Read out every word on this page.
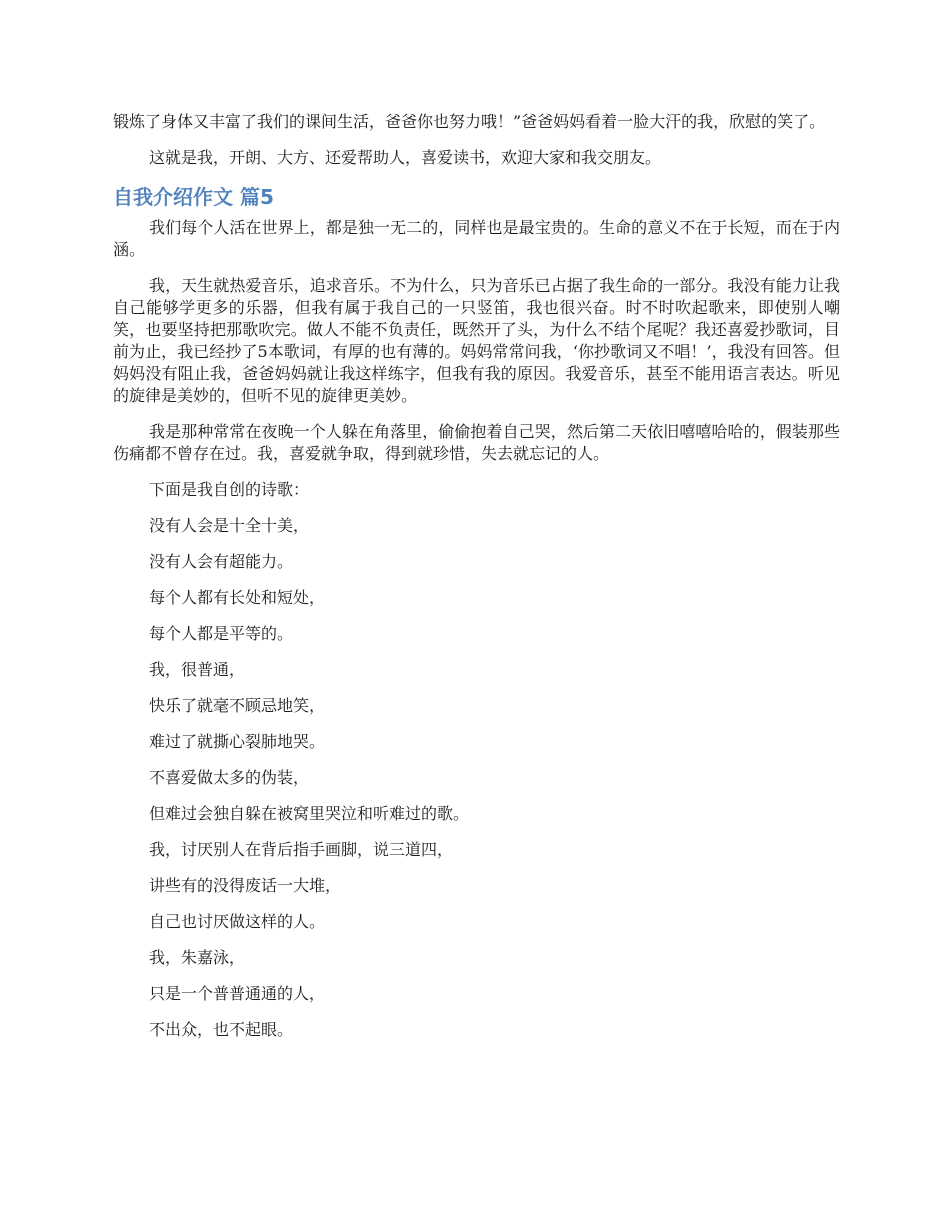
锻炼了身体又丰富了我们的课间生活，爸爸你也努力哦！”爸爸妈妈看着一脸大汗的我，欣慰的笑了。

这就是我，开朗、大方、还爱帮助人，喜爱读书，欢迎大家和我交朋友。

自我介绍作文 篇5

我们每个人活在世界上，都是独一无二的，同样也是最宝贵的。生命的意义不在于长短，而在于内涵。

我，天生就热爱音乐，追求音乐。不为什么，只为音乐已占据了我生命的一部分。我没有能力让我自己能够学更多的乐器，但我有属于我自己的一只竖笛，我也很兴奋。时不时吹起歌来，即使别人嘲笑，也要坚持把那歌吹完。做人不能不负责任，既然开了头，为什么不结个尾呢？我还喜爱抄歌词，目前为止，我已经抄了5本歌词，有厚的也有薄的。妈妈常常问我，‘你抄歌词又不唱！’，我没有回答。但妈妈没有阻止我，爸爸妈妈就让我这样练字，但我有我的原因。我爱音乐，甚至不能用语言表达。听见的旋律是美妙的，但听不见的旋律更美妙。

我是那种常常在夜晚一个人躲在角落里，偷偷抱着自己哭，然后第二天依旧嘻嘻哈哈的，假装那些伤痛都不曾存在过。我，喜爱就争取，得到就珍惜，失去就忘记的人。

下面是我自创的诗歌：

没有人会是十全十美，

没有人会有超能力。

每个人都有长处和短处，

每个人都是平等的。

我，很普通，

快乐了就毫不顾忌地笑，

难过了就撕心裂肺地哭。

不喜爱做太多的伪装，

但难过会独自躲在被窝里哭泣和听难过的歌。

我，讨厌别人在背后指手画脚，说三道四，

讲些有的没得废话一大堆，

自己也讨厌做这样的人。

我，朱嘉泳，

只是一个普普通通的人，

不出众，也不起眼。
